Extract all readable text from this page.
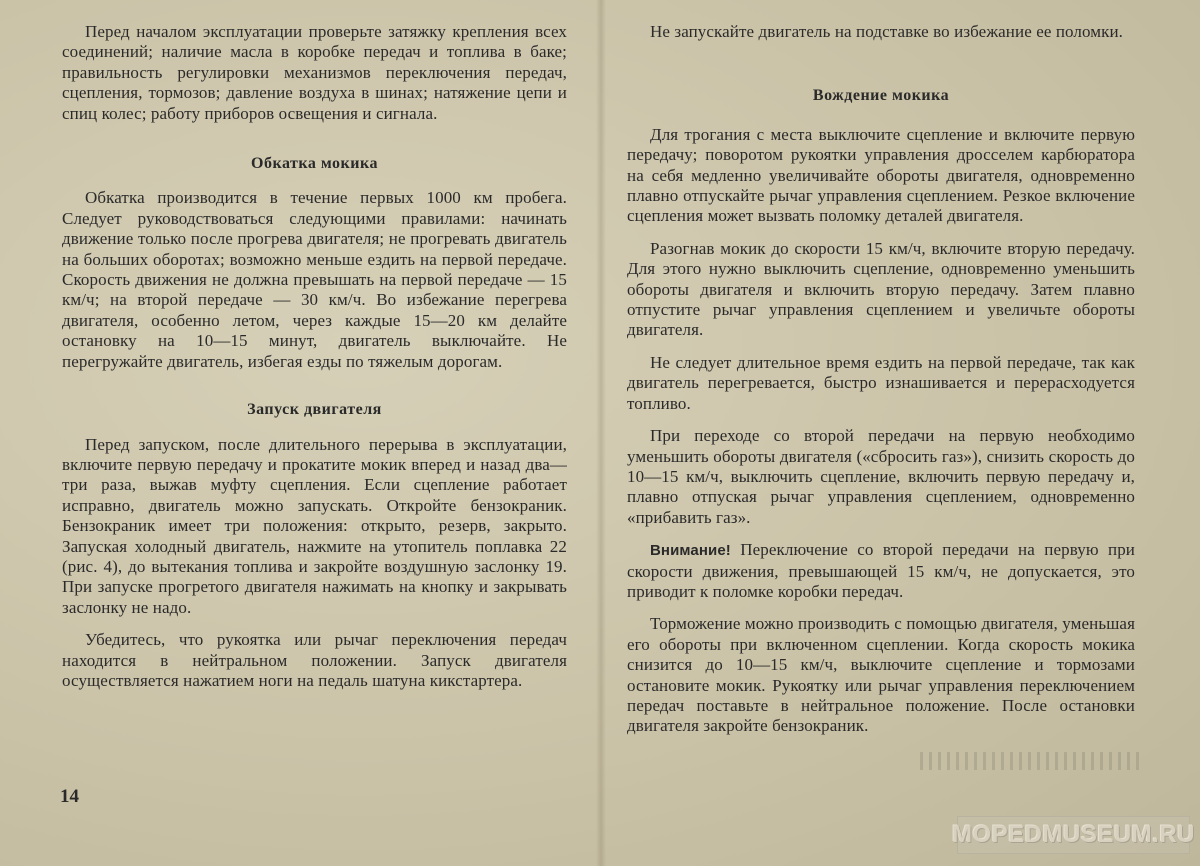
Перед началом эксплуатации проверьте затяжку крепления всех соединений; наличие масла в коробке передач и топлива в баке; правильность регулировки механизмов переключения передач, сцепления, тормозов; давление воздуха в шинах; натяжение цепи и спиц колес; работу приборов освещения и сигнала.

Обкатка мокика

Обкатка производится в течение первых 1000 км пробега. Следует руководствоваться следующими правилами: начинать движение только после прогрева двигателя; не прогревать двигатель на больших оборотах; возможно меньше ездить на первой передаче. Скорость движения не должна превышать на первой передаче — 15 км/ч; на второй передаче — 30 км/ч. Во избежание перегрева двигателя, особенно летом, через каждые 15—20 км делайте остановку на 10—15 минут, двигатель выключайте. Не перегружайте двигатель, избегая езды по тяжелым дорогам.

Запуск двигателя

Перед запуском, после длительного перерыва в эксплуатации, включите первую передачу и прокатите мокик вперед и назад два—три раза, выжав муфту сцепления. Если сцепление работает исправно, двигатель можно запускать. Откройте бензокраник. Бензокраник имеет три положения: открыто, резерв, закрыто. Запуская холодный двигатель, нажмите на утопитель поплавка 22 (рис. 4), до вытекания топлива и закройте воздушную заслонку 19. При запуске прогретого двигателя нажимать на кнопку и закрывать заслонку не надо.

Убедитесь, что рукоятка или рычаг переключения передач находится в нейтральном положении. Запуск двигателя осуществляется нажатием ноги на педаль шатуна кикстартера.

14

Не запускайте двигатель на подставке во избежание ее поломки.

Вождение мокика

Для трогания с места выключите сцепление и включите первую передачу; поворотом рукоятки управления дросселем карбюратора на себя медленно увеличивайте обороты двигателя, одновременно плавно отпускайте рычаг управления сцеплением. Резкое включение сцепления может вызвать поломку деталей двигателя.

Разогнав мокик до скорости 15 км/ч, включите вторую передачу. Для этого нужно выключить сцепление, одновременно уменьшить обороты двигателя и включить вторую передачу. Затем плавно отпустите рычаг управления сцеплением и увеличьте обороты двигателя.

Не следует длительное время ездить на первой передаче, так как двигатель перегревается, быстро изнашивается и перерасходуется топливо.

При переходе со второй передачи на первую необходимо уменьшить обороты двигателя («сбросить газ»), снизить скорость до 10—15 км/ч, выключить сцепление, включить первую передачу и, плавно отпуская рычаг управления сцеплением, одновременно «прибавить газ».

Внимание! Переключение со второй передачи на первую при скорости движения, превышающей 15 км/ч, не допускается, это приводит к поломке коробки передач.

Торможение можно производить с помощью двигателя, уменьшая его обороты при включенном сцеплении. Когда скорость мокика снизится до 10—15 км/ч, выключите сцепление и тормозами остановите мокик. Рукоятку или рычаг управления переключением передач поставьте в нейтральное положение. После остановки двигателя закройте бензокраник.

MOPEDMUSEUM.RU
